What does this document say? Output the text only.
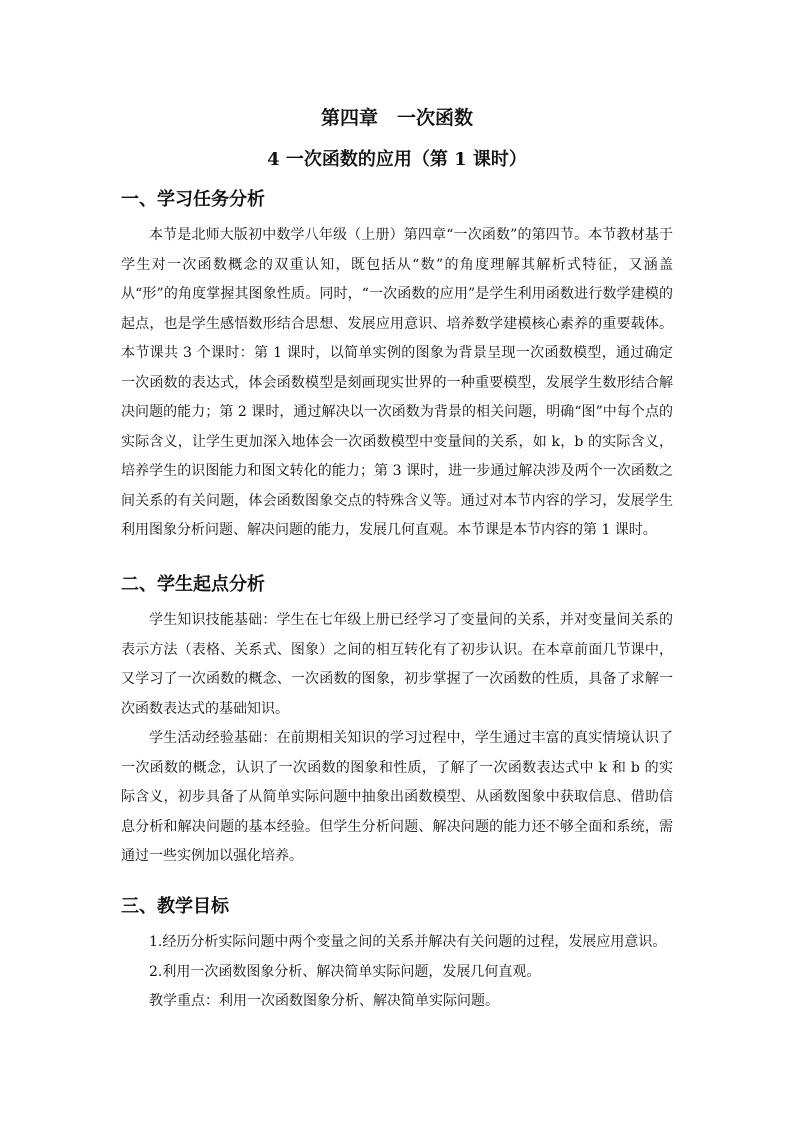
第四章　一次函数
4 一次函数的应用（第 1 课时）
一、学习任务分析

本节是北师大版初中数学八年级（上册）第四章“一次函数”的第四节。本节教材基于学生对一次函数概念的双重认知，既包括从“数”的角度理解其解析式特征，又涵盖从“形”的角度掌握其图象性质。同时，“一次函数的应用”是学生利用函数进行数学建模的起点，也是学生感悟数形结合思想、发展应用意识、培养数学建模核心素养的重要载体。本节课共 3 个课时：第 1 课时，以简单实例的图象为背景呈现一次函数模型，通过确定一次函数的表达式，体会函数模型是刻画现实世界的一种重要模型，发展学生数形结合解决问题的能力；第 2 课时，通过解决以一次函数为背景的相关问题，明确“图”中每个点的实际含义，让学生更加深入地体会一次函数模型中变量间的关系，如 k，b 的实际含义，培养学生的识图能力和图文转化的能力；第 3 课时，进一步通过解决涉及两个一次函数之间关系的有关问题，体会函数图象交点的特殊含义等。通过对本节内容的学习，发展学生利用图象分析问题、解决问题的能力，发展几何直观。本节课是本节内容的第 1 课时。

二、学生起点分析

学生知识技能基础：学生在七年级上册已经学习了变量间的关系，并对变量间关系的表示方法（表格、关系式、图象）之间的相互转化有了初步认识。在本章前面几节课中，又学习了一次函数的概念、一次函数的图象，初步掌握了一次函数的性质，具备了求解一次函数表达式的基础知识。

学生活动经验基础：在前期相关知识的学习过程中，学生通过丰富的真实情境认识了一次函数的概念，认识了一次函数的图象和性质，了解了一次函数表达式中 k 和 b 的实际含义，初步具备了从简单实际问题中抽象出函数模型、从函数图象中获取信息、借助信息分析和解决问题的基本经验。但学生分析问题、解决问题的能力还不够全面和系统，需通过一些实例加以强化培养。

三、教学目标

1.经历分析实际问题中两个变量之间的关系并解决有关问题的过程，发展应用意识。

2.利用一次函数图象分析、解决简单实际问题，发展几何直观。

教学重点：利用一次函数图象分析、解决简单实际问题。
